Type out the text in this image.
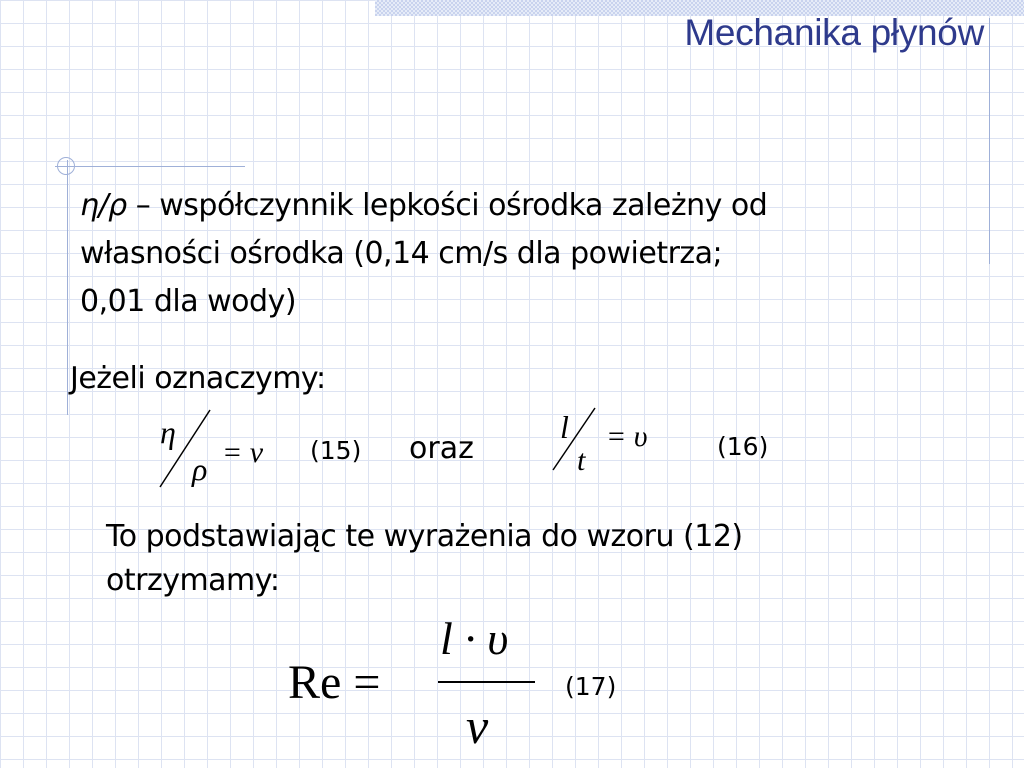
Mechanika płynów
η/ρ – współczynnik lepkości ośrodka zależny od
własności ośrodka (0,14 cm/s dla powietrza;
0,01 dla wody)
Jeżeli oznaczymy:
η
ρ = ν
l
t
= υ
Re =
l · υ
ν
(15) oraz	(16)
To podstawiając te wyrażenia do wzoru (12)
otrzymamy:
(17)
